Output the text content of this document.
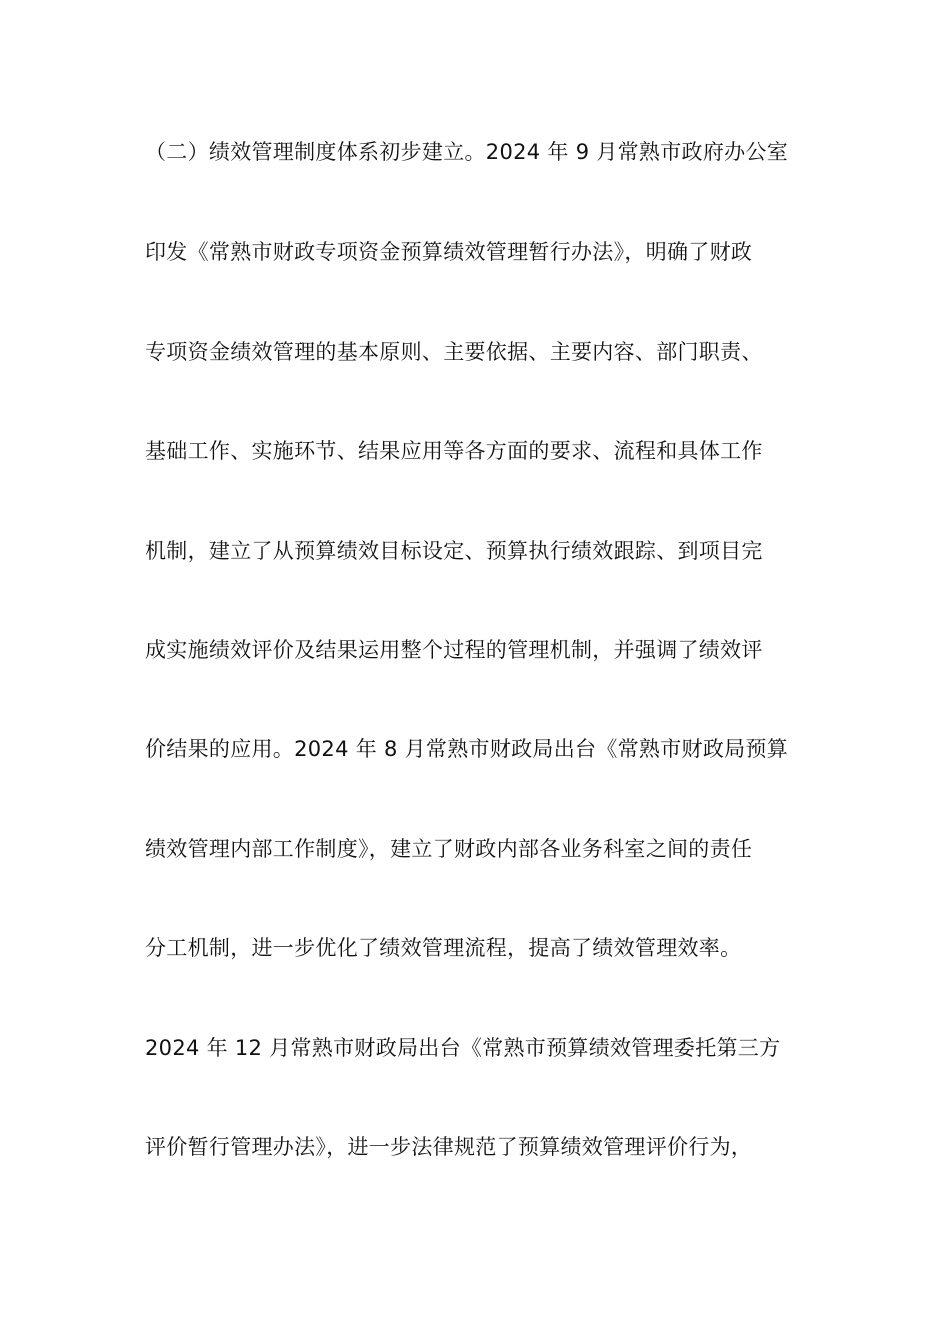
（二）绩效管理制度体系初步建立。2024 年 9 月常熟市政府办公室
印发《常熟市财政专项资金预算绩效管理暂行办法》，明确了财政
专项资金绩效管理的基本原则、主要依据、主要内容、部门职责、
基础工作、实施环节、结果应用等各方面的要求、流程和具体工作
机制，建立了从预算绩效目标设定、预算执行绩效跟踪、到项目完
成实施绩效评价及结果运用整个过程的管理机制，并强调了绩效评
价结果的应用。2024 年 8 月常熟市财政局出台《常熟市财政局预算
绩效管理内部工作制度》，建立了财政内部各业务科室之间的责任
分工机制，进一步优化了绩效管理流程，提高了绩效管理效率。
2024 年 12 月常熟市财政局出台《常熟市预算绩效管理委托第三方
评价暂行管理办法》，进一步法律规范了预算绩效管理评价行为，
